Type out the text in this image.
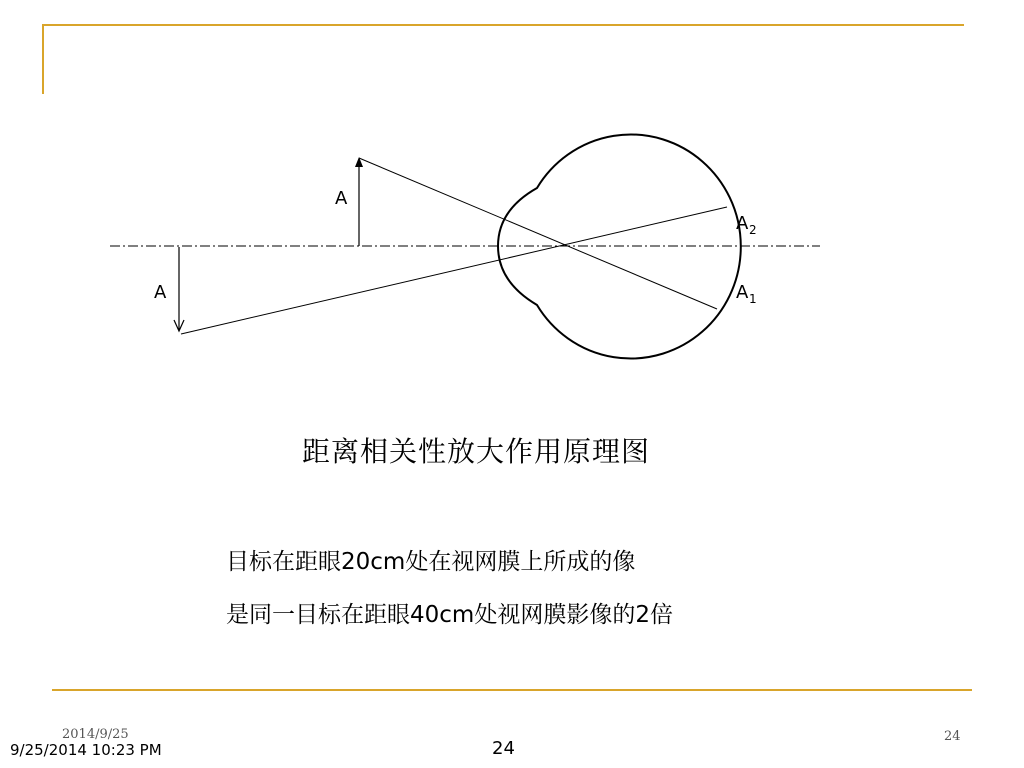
A
A
A 2
A 1
距离相关性放大作用原理图
目标在距眼20cm处在视网膜上所成的像
是同一目标在距眼40cm处视网膜影像的2倍
2014/9/25
9/25/2014 10:23 PM	24
24
